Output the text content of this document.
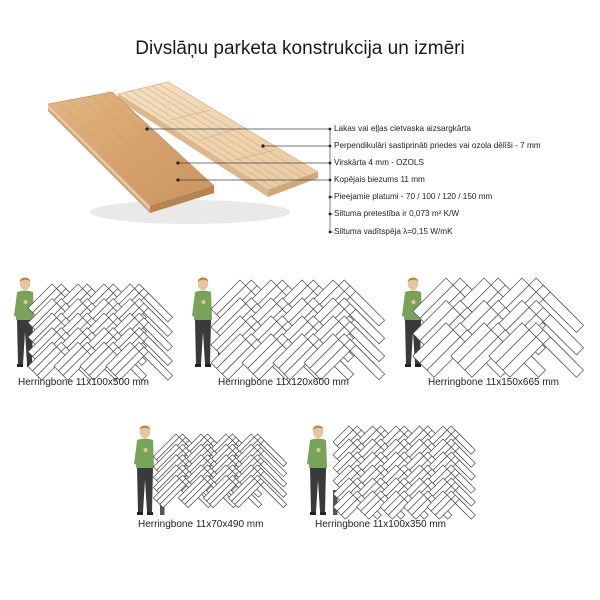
Divslāņu parketa konstrukcija un izmēri
Lakas vai eļļas cietvaska aizsargkārta
Perpendikulāri sastiprināti priedes vai ozola dēlīši - 7 mm
Virskārta 4 mm - OZOLS
Kopējais biezums 11 mm
Pieejamie platumi - 70 / 100 / 120 / 150 mm
Siltuma pretestība ir 0,073 m² K/W
Siltuma vadītspēja λ=0,15 W/mK
Herringbone 11x100x500 mm	Herringbone 11x120x600 mm	Herringbone 11x150x665 mm
Herringbone 11x70x490 mm	Herringbone 11x100x350 mm
